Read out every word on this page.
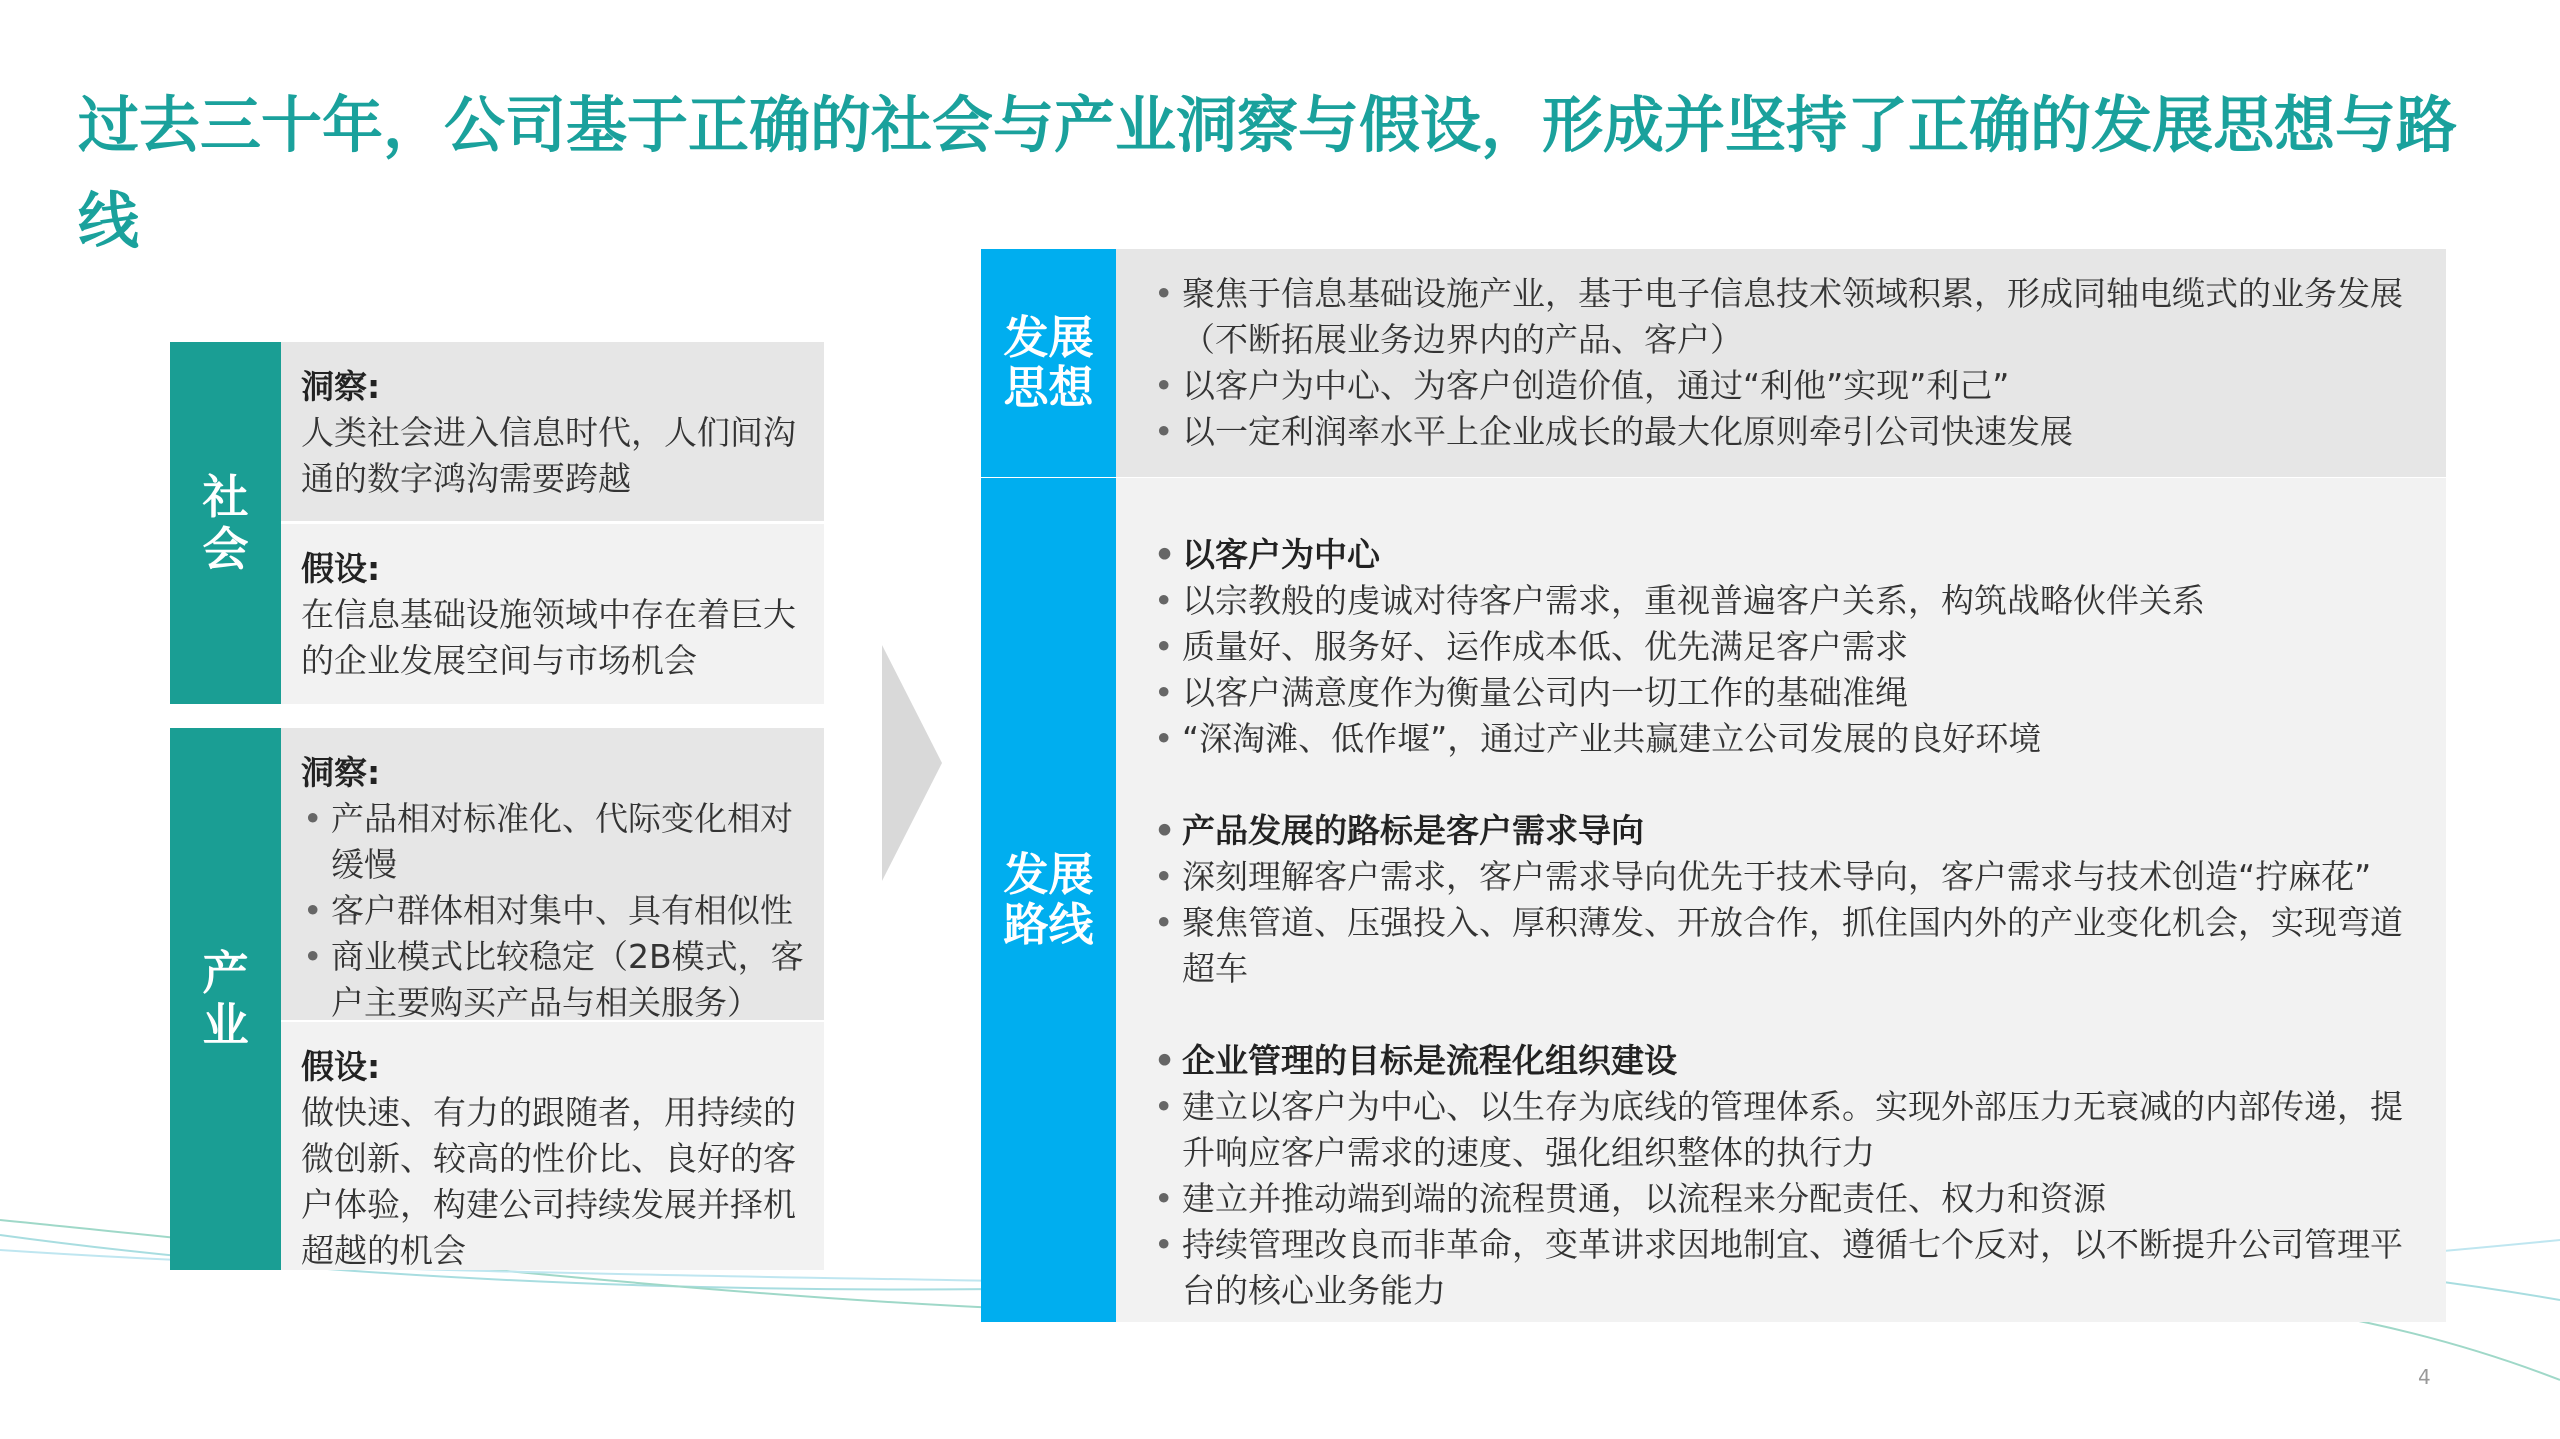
过去三十年，公司基于正确的社会与产业洞察与假设，形成并坚持了正确的发展思想与路线
社会
洞察:
人类社会进入信息时代，人们间沟通的数字鸿沟需要跨越
假设:
在信息基础设施领域中存在着巨大的企业发展空间与市场机会
产业
洞察:
• 产品相对标准化、代际变化相对缓慢
• 客户群体相对集中、具有相似性
• 商业模式比较稳定（2B模式，客户主要购买产品与相关服务）
假设:
做快速、有力的跟随者，用持续的微创新、较高的性价比、良好的客户体验，构建公司持续发展并择机超越的机会
发展思想
• 聚焦于信息基础设施产业，基于电子信息技术领域积累，形成同轴电缆式的业务发展（不断拓展业务边界内的产品、客户）
• 以客户为中心、为客户创造价值，通过“利他”实现”利己”
• 以一定利润率水平上企业成长的最大化原则牵引公司快速发展
发展路线
• 以客户为中心
• 以宗教般的虔诚对待客户需求，重视普遍客户关系，构筑战略伙伴关系
• 质量好、服务好、运作成本低、优先满足客户需求
• 以客户满意度作为衡量公司内一切工作的基础准绳
• “深淘滩、低作堰”，通过产业共赢建立公司发展的良好环境
• 产品发展的路标是客户需求导向
• 深刻理解客户需求，客户需求导向优先于技术导向，客户需求与技术创造“拧麻花”
• 聚焦管道、压强投入、厚积薄发、开放合作，抓住国内外的产业变化机会，实现弯道超车
• 企业管理的目标是流程化组织建设
• 建立以客户为中心、以生存为底线的管理体系。实现外部压力无衰减的内部传递，提升响应客户需求的速度、强化组织整体的执行力
• 建立并推动端到端的流程贯通，以流程来分配责任、权力和资源
• 持续管理改良而非革命，变革讲求因地制宜、遵循七个反对，以不断提升公司管理平台的核心业务能力
4
